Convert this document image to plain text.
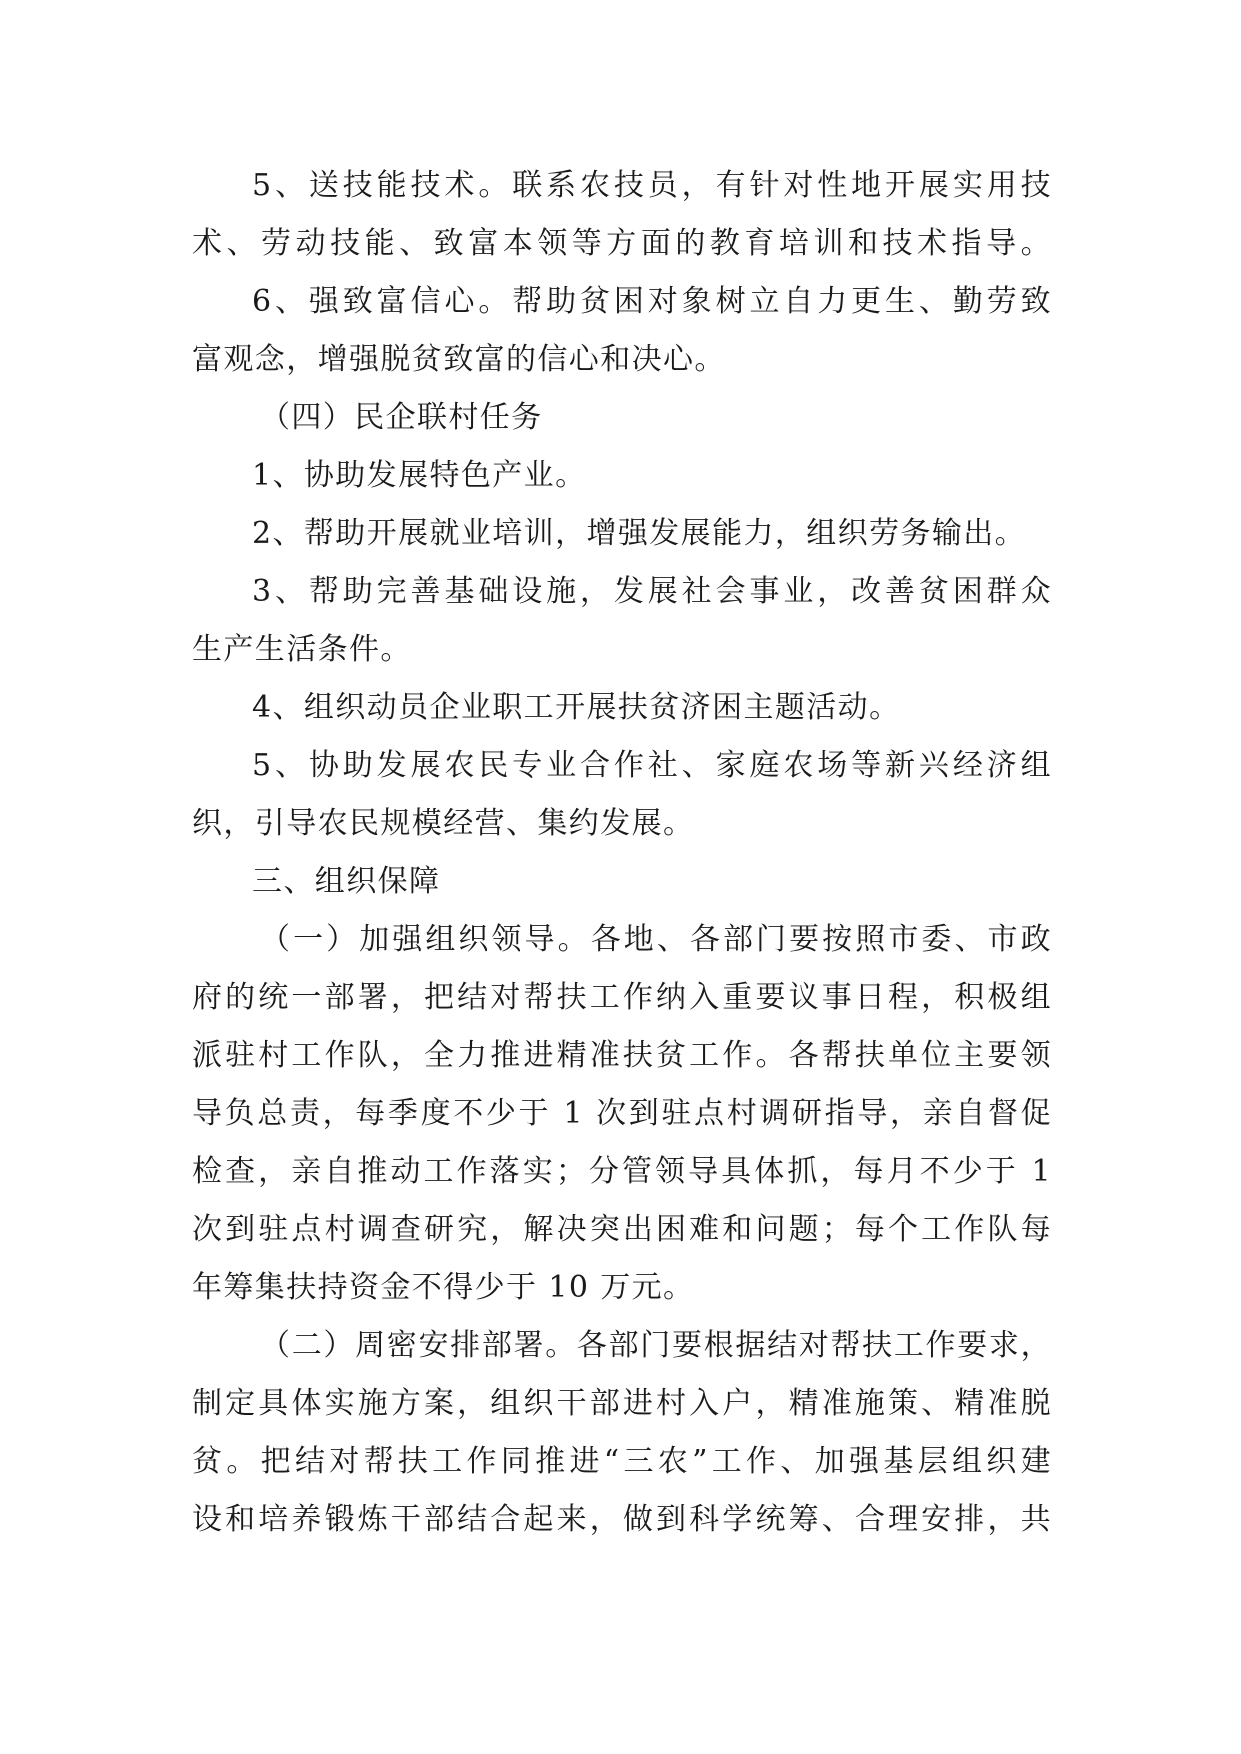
5、送技能技术。联系农技员，有针对性地开展实用技
术、劳动技能、致富本领等方面的教育培训和技术指导。
6、强致富信心。帮助贫困对象树立自力更生、勤劳致
富观念，增强脱贫致富的信心和决心。
（四）民企联村任务
1、协助发展特色产业。
2、帮助开展就业培训，增强发展能力，组织劳务输出。
3、帮助完善基础设施，发展社会事业，改善贫困群众
生产生活条件。
4、组织动员企业职工开展扶贫济困主题活动。
5、协助发展农民专业合作社、家庭农场等新兴经济组
织，引导农民规模经营、集约发展。
三、组织保障
（一）加强组织领导。各地、各部门要按照市委、市政
府的统一部署，把结对帮扶工作纳入重要议事日程，积极组
派驻村工作队，全力推进精准扶贫工作。各帮扶单位主要领
导负总责，每季度不少于 1 次到驻点村调研指导，亲自督促
检查，亲自推动工作落实；分管领导具体抓，每月不少于 1
次到驻点村调查研究，解决突出困难和问题；每个工作队每
年筹集扶持资金不得少于 10 万元。
（二）周密安排部署。各部门要根据结对帮扶工作要求，
制定具体实施方案，组织干部进村入户，精准施策、精准脱
贫。把结对帮扶工作同推进“三农”工作、加强基层组织建
设和培养锻炼干部结合起来，做到科学统筹、合理安排，共
